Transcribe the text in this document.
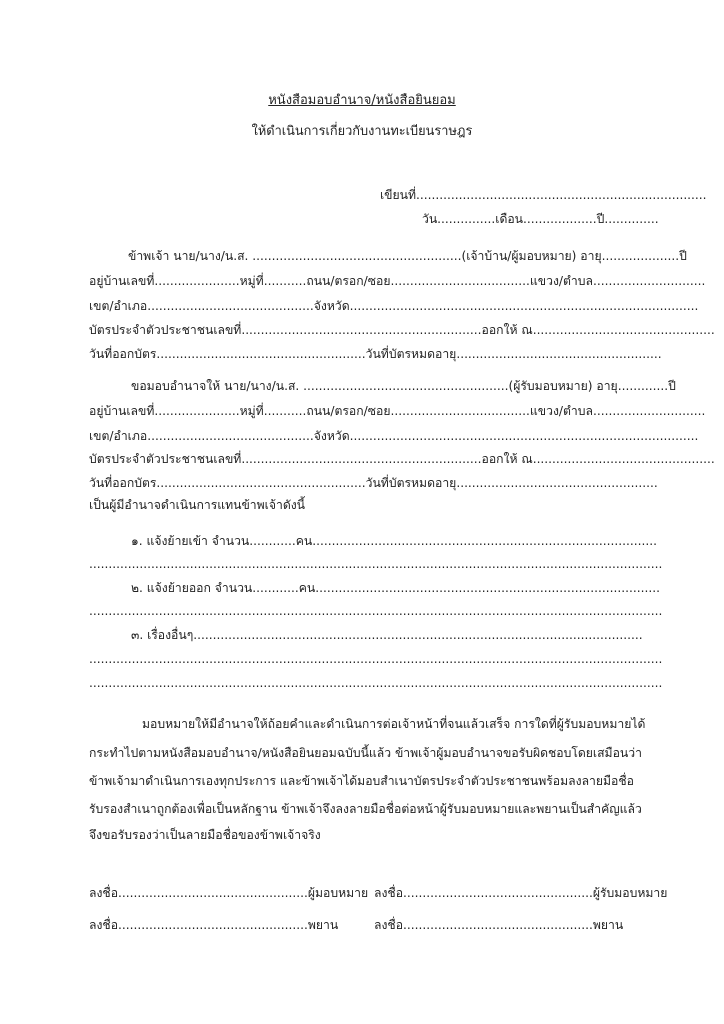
หนังสือมอบอำนาจ/หนังสือยินยอม
ให้ดำเนินการเกี่ยวกับงานทะเบียนราษฎร
เขียนที่...........................................................................
วัน...............เดือน...................ปี..............
ข้าพเจ้า นาย/นาง/น.ส. ......................................................(เจ้าบ้าน/ผู้มอบหมาย) อายุ....................ปี
อยู่บ้านเลขที่......................หมู่ที่...........ถนน/ตรอก/ซอย....................................แขวง/ตำบล.............................
เขต/อำเภอ...........................................จังหวัด..........................................................................................
บัตรประจำตัวประชาชนเลขที่..............................................................ออกให้ ณ...............................................
วันที่ออกบัตร......................................................วันที่บัตรหมดอายุ.....................................................
ขอมอบอำนาจให้ นาย/นาง/น.ส. .....................................................(ผู้รับมอบหมาย) อายุ.............ปี
อยู่บ้านเลขที่......................หมู่ที่...........ถนน/ตรอก/ซอย....................................แขวง/ตำบล.............................
เขต/อำเภอ...........................................จังหวัด..........................................................................................
บัตรประจำตัวประชาชนเลขที่..............................................................ออกให้ ณ...............................................
วันที่ออกบัตร......................................................วันที่บัตรหมดอายุ....................................................
เป็นผู้มีอำนาจดำเนินการแทนข้าพเจ้าดังนี้
๑. แจ้งย้ายเข้า จำนวน............คน.........................................................................................
....................................................................................................................................................
๒. แจ้งย้ายออก จำนวน............คน.........................................................................................
....................................................................................................................................................
๓. เรื่องอื่นๆ....................................................................................................................
....................................................................................................................................................
....................................................................................................................................................
มอบหมายให้มีอำนาจให้ถ้อยคำและดำเนินการต่อเจ้าหน้าที่จนแล้วเสร็จ การใดที่ผู้รับมอบหมายได้
กระทำไปตามหนังสือมอบอำนาจ/หนังสือยินยอมฉบับนี้แล้ว ข้าพเจ้าผู้มอบอำนาจขอรับผิดชอบโดยเสมือนว่า
ข้าพเจ้ามาดำเนินการเองทุกประการ และข้าพเจ้าได้มอบสำเนาบัตรประจำตัวประชาชนพร้อมลงลายมือชื่อ
รับรองสำเนาถูกต้องเพื่อเป็นหลักฐาน ข้าพเจ้าจึงลงลายมือชื่อต่อหน้าผู้รับมอบหมายและพยานเป็นสำคัญแล้ว
จึงขอรับรองว่าเป็นลายมือชื่อของข้าพเจ้าจริง
ลงชื่อ.................................................ผู้มอบหมาย ลงชื่อ.................................................ผู้รับมอบหมาย
ลงชื่อ.................................................พยาน	ลงชื่อ.................................................พยาน
